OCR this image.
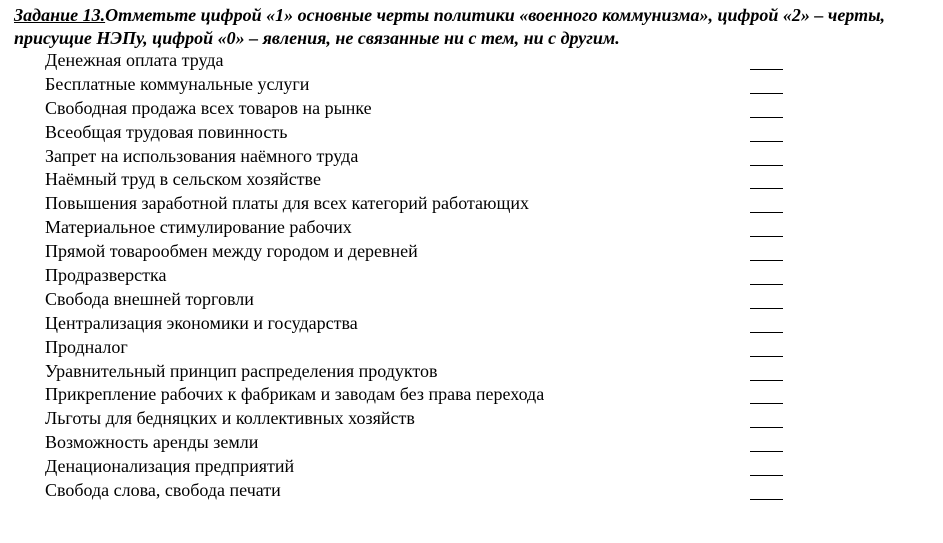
Задание 13.Отметьте цифрой «1» основные черты политики «военного коммунизма», цифрой «2» – черты, присущие НЭПу, цифрой «0» – явления, не связанные ни с тем, ни с другим.
Денежная оплата труда
Бесплатные коммунальные услуги
Свободная продажа всех товаров на рынке
Всеобщая трудовая повинность
Запрет на использования наёмного труда
Наёмный труд в сельском хозяйстве
Повышения заработной платы для всех категорий работающих
Материальное стимулирование рабочих
Прямой товарообмен между городом и деревней
Продразверстка
Свобода внешней торговли
Централизация экономики и государства
Продналог
Уравнительный принцип распределения продуктов
Прикрепление рабочих к фабрикам и заводам без права перехода
Льготы для бедняцких и коллективных хозяйств
Возможность аренды земли
Денационализация предприятий
Свобода слова, свобода печати
